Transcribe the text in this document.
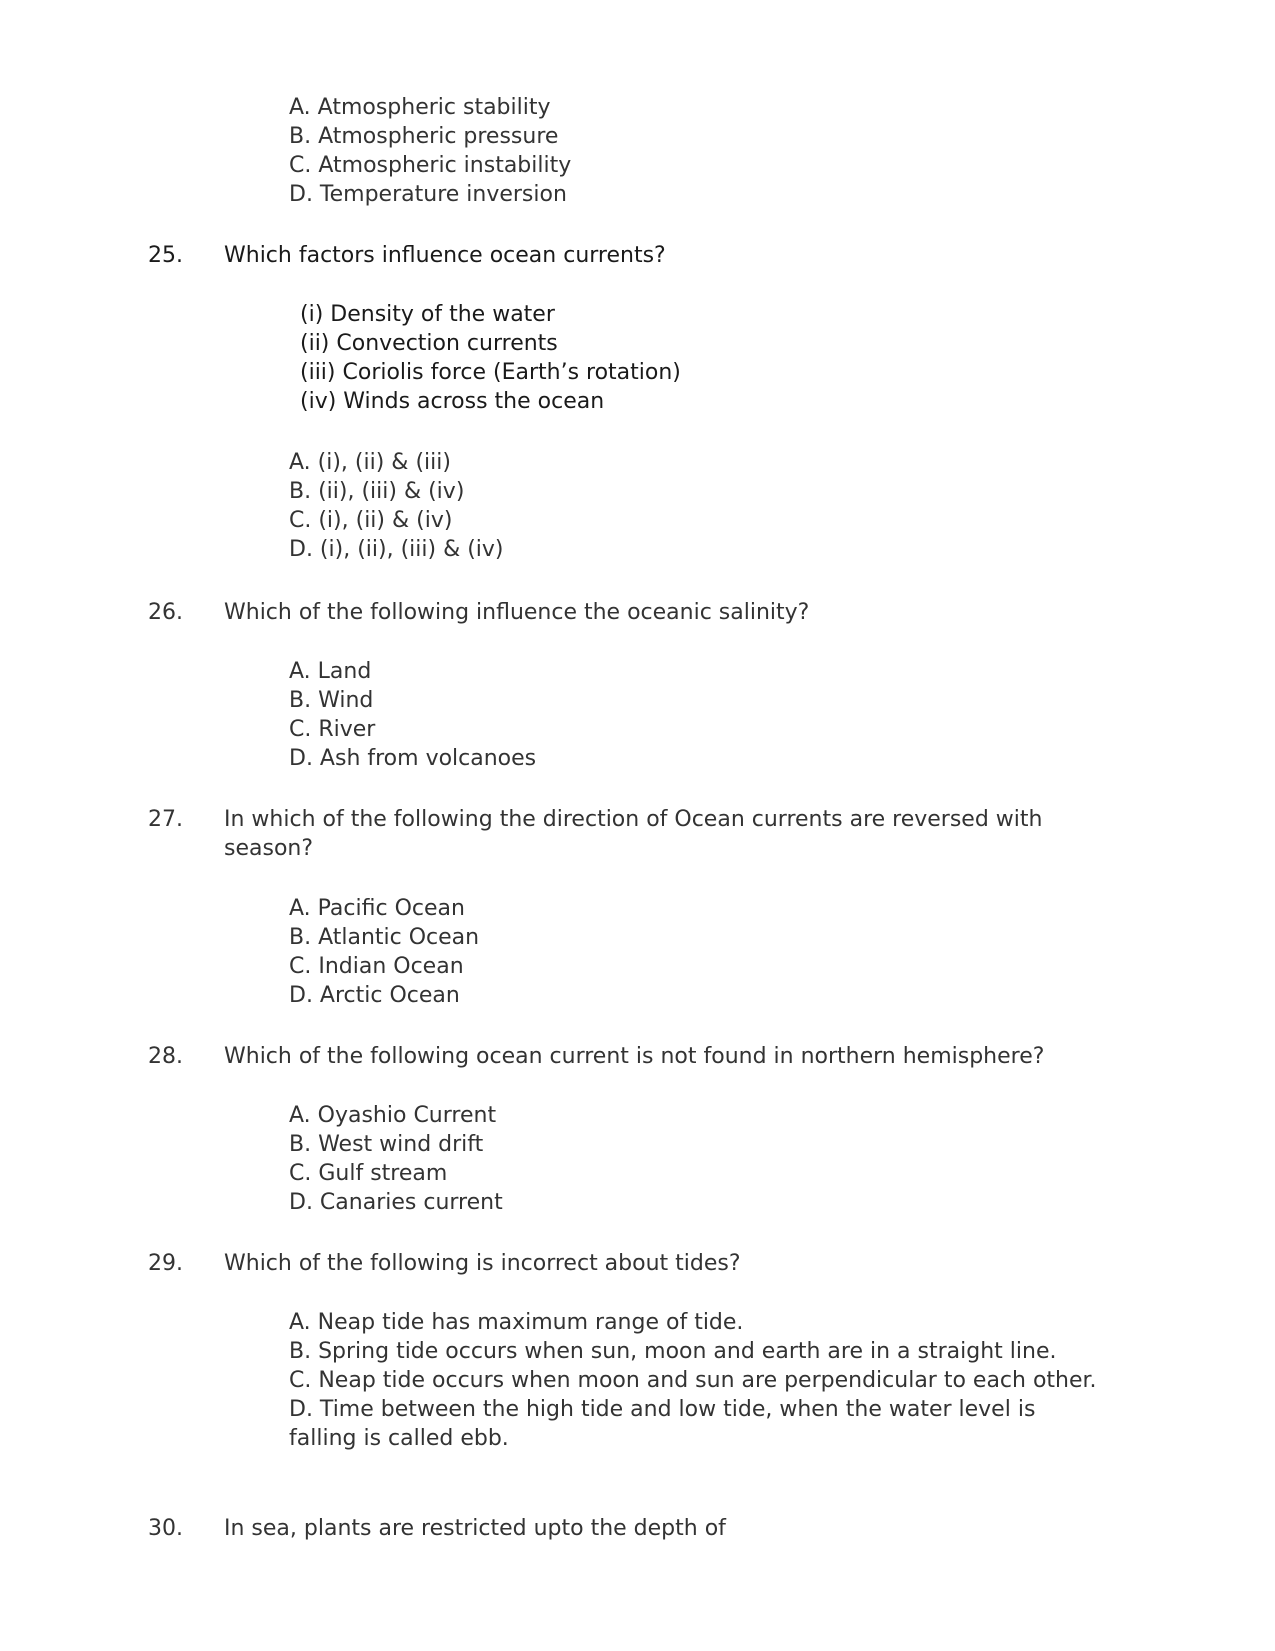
A. Atmospheric stability
B. Atmospheric pressure
C. Atmospheric instability
D. Temperature inversion
25. Which factors influence ocean currents?
(i) Density of the water
(ii) Convection currents
(iii) Coriolis force (Earth’s rotation)
(iv) Winds across the ocean
A. (i), (ii) & (iii)
B. (ii), (iii) & (iv)
C. (i), (ii) & (iv)
D. (i), (ii), (iii) & (iv)
26. Which of the following influence the oceanic salinity?
A. Land
B. Wind
C. River
D. Ash from volcanoes
27. In which of the following the direction of Ocean currents are reversed with season?
A. Pacific Ocean
B. Atlantic Ocean
C. Indian Ocean
D. Arctic Ocean
28. Which of the following ocean current is not found in northern hemisphere?
A. Oyashio Current
B. West wind drift
C. Gulf stream
D. Canaries current
29. Which of the following is incorrect about tides?
A. Neap tide has maximum range of tide.
B. Spring tide occurs when sun, moon and earth are in a straight line.
C. Neap tide occurs when moon and sun are perpendicular to each other.
D. Time between the high tide and low tide, when the water level is falling is called ebb.
30. In sea, plants are restricted upto the depth of
